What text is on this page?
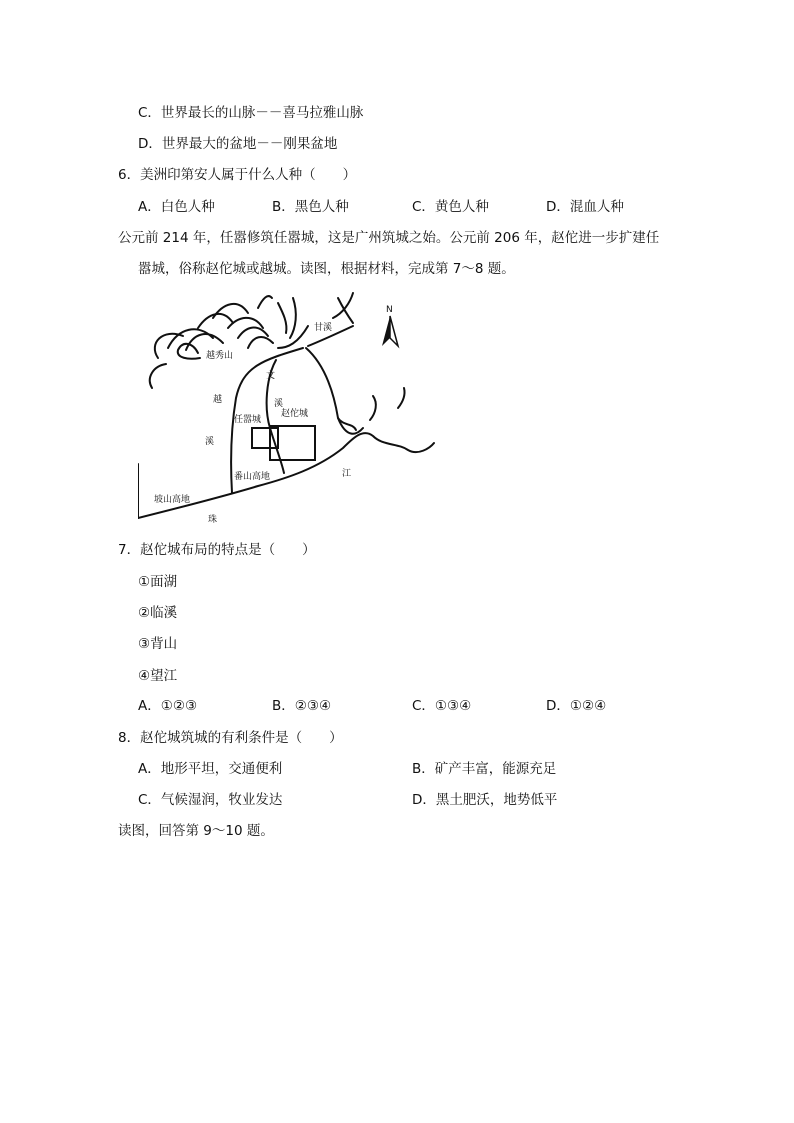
C．世界最长的山脉－－喜马拉雅山脉
D．世界最大的盆地－－刚果盆地
6．美洲印第安人属于什么人种（　　）
A．白色人种	B．黑色人种	C．黄色人种	D．混血人种
公元前 214 年，任嚣修筑任嚣城，这是广州筑城之始。公元前 206 年，赵佗进一步扩建任
嚣城，俗称赵佗城或越城。读图，根据材料，完成第 7～8 题。
N
越秀山
甘溪
文
溪
越
溪
任嚣城
赵佗城
番山高地	江
坡山高地
珠
7．赵佗城布局的特点是（　　）
①面湖
②临溪
③背山
④望江
A．①②③	B．②③④	C．①③④	D．①②④
8．赵佗城筑城的有利条件是（　　）
A．地形平坦，交通便利	B．矿产丰富，能源充足
C．气候湿润，牧业发达	D．黑土肥沃，地势低平
读图，回答第 9～10 题。
